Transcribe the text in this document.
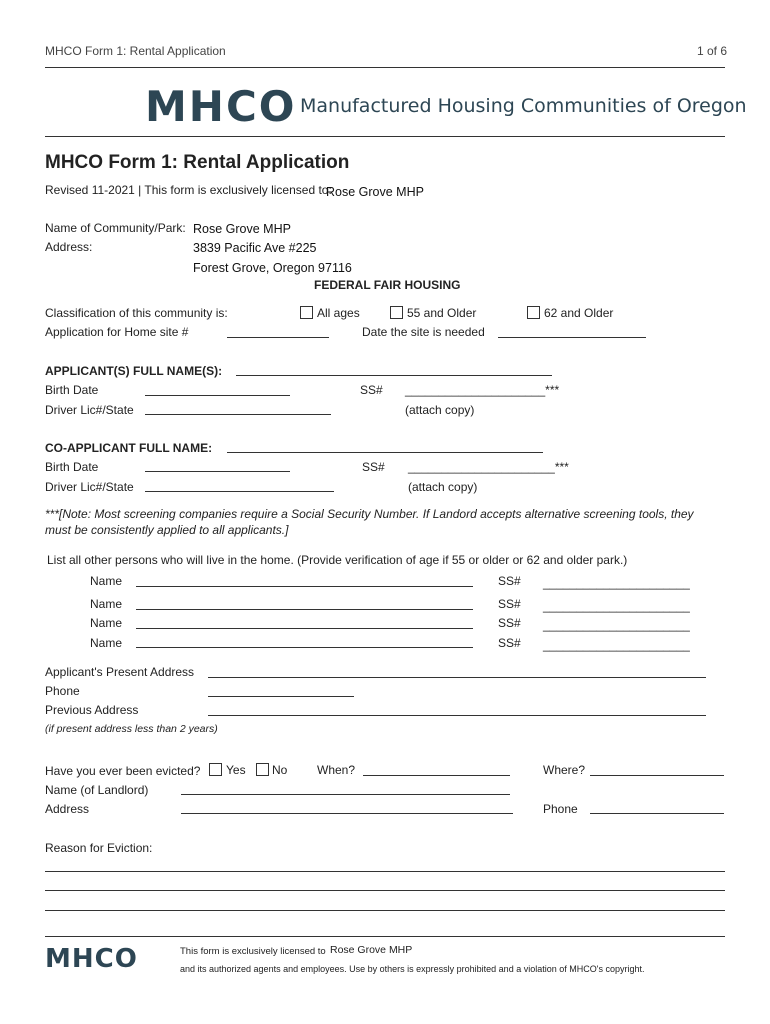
MHCO Form 1: Rental Application	1 of 6
MHCO Manufactured Housing Communities of Oregon
MHCO Form 1: Rental Application
Revised 11-2021 | This form is exclusively licensed to:
Rose Grove MHP
Name of Community/Park: Rose Grove MHP
Address:	3839 Pacific Ave #225
Forest Grove, Oregon 97116
FEDERAL FAIR HOUSING
Classification of this community is:	All ages	55 and Older	62 and Older
Application for Home site #	Date the site is needed
APPLICANT(S) FULL NAME(S):
Birth Date	SS# _____________________***
Driver Lic#/State	(attach copy)
CO-APPLICANT FULL NAME:
Birth Date	SS# ______________________***
Driver Lic#/State	(attach copy)
***[Note: Most screening companies require a Social Security Number. If Landord accepts alternative screening tools, they must be consistently applied to all applicants.]
List all other persons who will live in the home. (Provide verification of age if 55 or older or 62 and older park.)
Name	SS# ______________________
Name	SS# ______________________
Name	SS# ______________________
Name	SS# ______________________
Applicant's Present Address
Phone
Previous Address
(if present address less than 2 years)
Have you ever been evicted? Yes No When?	Where?
Name (of Landlord)
Address	Phone
Reason for Eviction:
MHCO	This form is exclusively licensed to Rose Grove MHP
and its authorized agents and employees. Use by others is expressly prohibited and a violation of MHCO's copyright.
